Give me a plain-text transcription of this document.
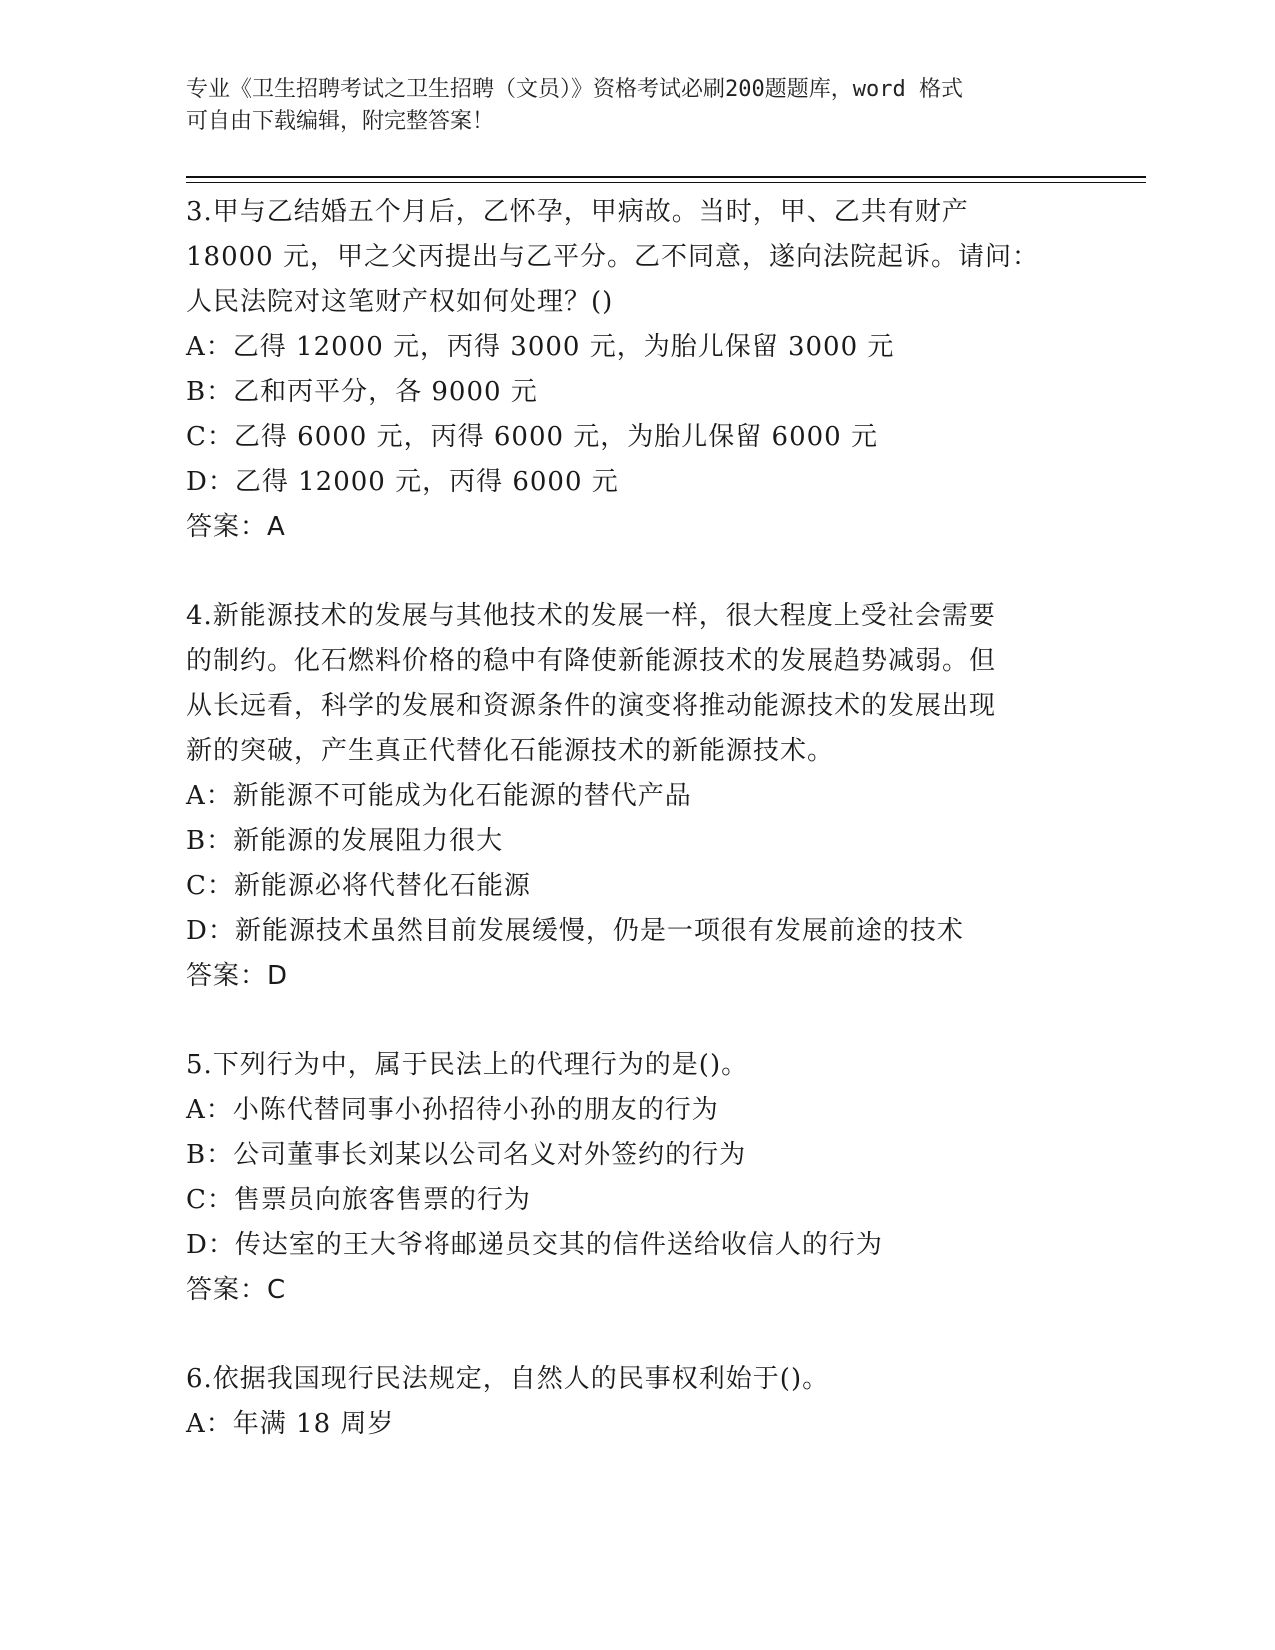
专业《卫生招聘考试之卫生招聘（文员）》资格考试必刷200题题库，word 格式
可自由下载编辑，附完整答案！
3.甲与乙结婚五个月后，乙怀孕，甲病故。当时，甲、乙共有财产
18000 元，甲之父丙提出与乙平分。乙不同意，遂向法院起诉。请问：
人民法院对这笔财产权如何处理？()
A：乙得 12000 元，丙得 3000 元，为胎儿保留 3000 元
B：乙和丙平分，各 9000 元
C：乙得 6000 元，丙得 6000 元，为胎儿保留 6000 元
D：乙得 12000 元，丙得 6000 元
答案：A
4.新能源技术的发展与其他技术的发展一样，很大程度上受社会需要
的制约。化石燃料价格的稳中有降使新能源技术的发展趋势减弱。但
从长远看，科学的发展和资源条件的演变将推动能源技术的发展出现
新的突破，产生真正代替化石能源技术的新能源技术。
A：新能源不可能成为化石能源的替代产品
B：新能源的发展阻力很大
C：新能源必将代替化石能源
D：新能源技术虽然目前发展缓慢，仍是一项很有发展前途的技术
答案：D
5.下列行为中，属于民法上的代理行为的是()。
A：小陈代替同事小孙招待小孙的朋友的行为
B：公司董事长刘某以公司名义对外签约的行为
C：售票员向旅客售票的行为
D：传达室的王大爷将邮递员交其的信件送给收信人的行为
答案：C
6.依据我国现行民法规定，自然人的民事权利始于()。
A：年满 18 周岁
